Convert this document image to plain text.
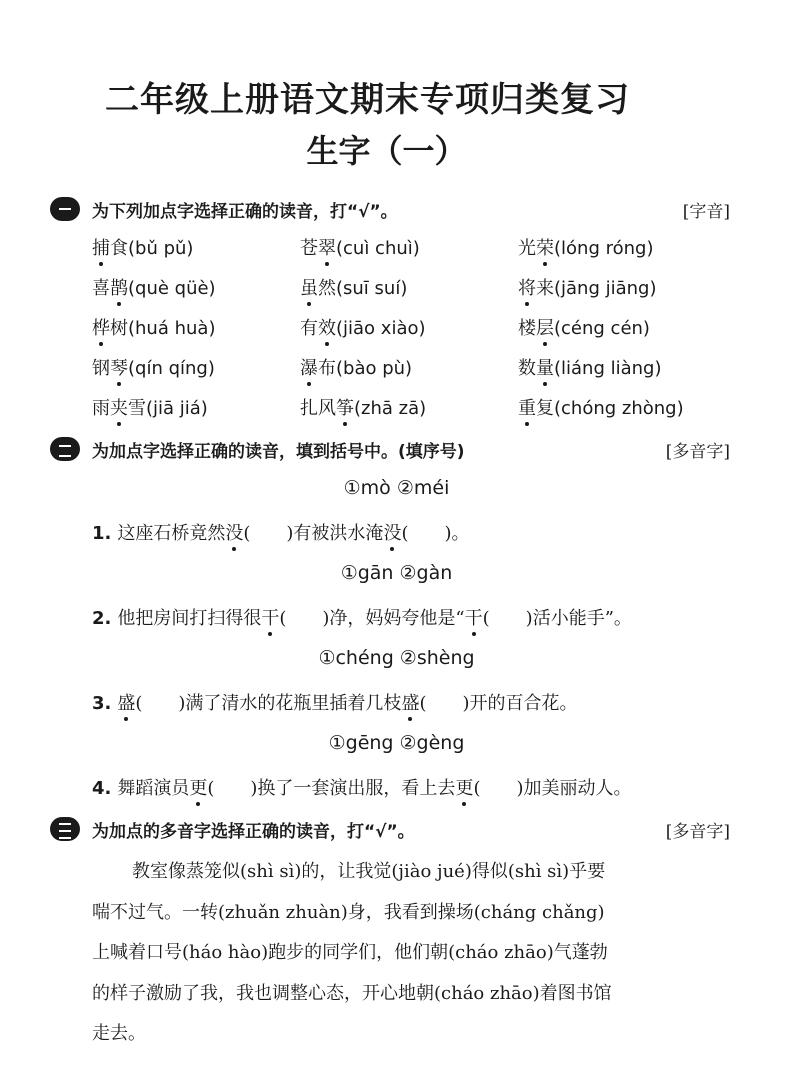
二年级上册语文期末专项归类复习
生字（一）
为下列加点字选择正确的读音，打“√”。	[字音]
捕食(bǔ pǔ)	苍翠(cuì chuì)	光荣(lóng róng)
喜鹊(què qüè)	虽然(suī suí)	将来(jāng jiāng)
桦树(huá huà)	有效(jiāo xiào)	楼层(céng cén)
钢琴(qín qíng)	瀑布(bào pù)	数量(liáng liàng)
雨夹雪(jiā jiá)	扎风筝(zhā zā)	重复(chóng zhòng)
为加点字选择正确的读音，填到括号中。(填序号)	[多音字]
①mò ②méi
1. 这座石桥竟然没( )有被洪水淹没( )。
①gān ②gàn
2. 他把房间打扫得很干( )净，妈妈夸他是“干( )活小能手”。
①chéng ②shèng
3. 盛( )满了清水的花瓶里插着几枝盛( )开的百合花。
①gēng ②gèng
4. 舞蹈演员更( )换了一套演出服，看上去更( )加美丽动人。
为加点的多音字选择正确的读音，打“√”。	[多音字]
教室像蒸笼似(shì sì)的，让我觉(jiào jué)得似(shì sì)乎要
喘不过气。一转(zhuǎn zhuàn)身，我看到操场(cháng chǎng)
上喊着口号(háo hào)跑步的同学们，他们朝(cháo zhāo)气蓬勃
的样子激励了我，我也调整心态，开心地朝(cháo zhāo)着图书馆
走去。
